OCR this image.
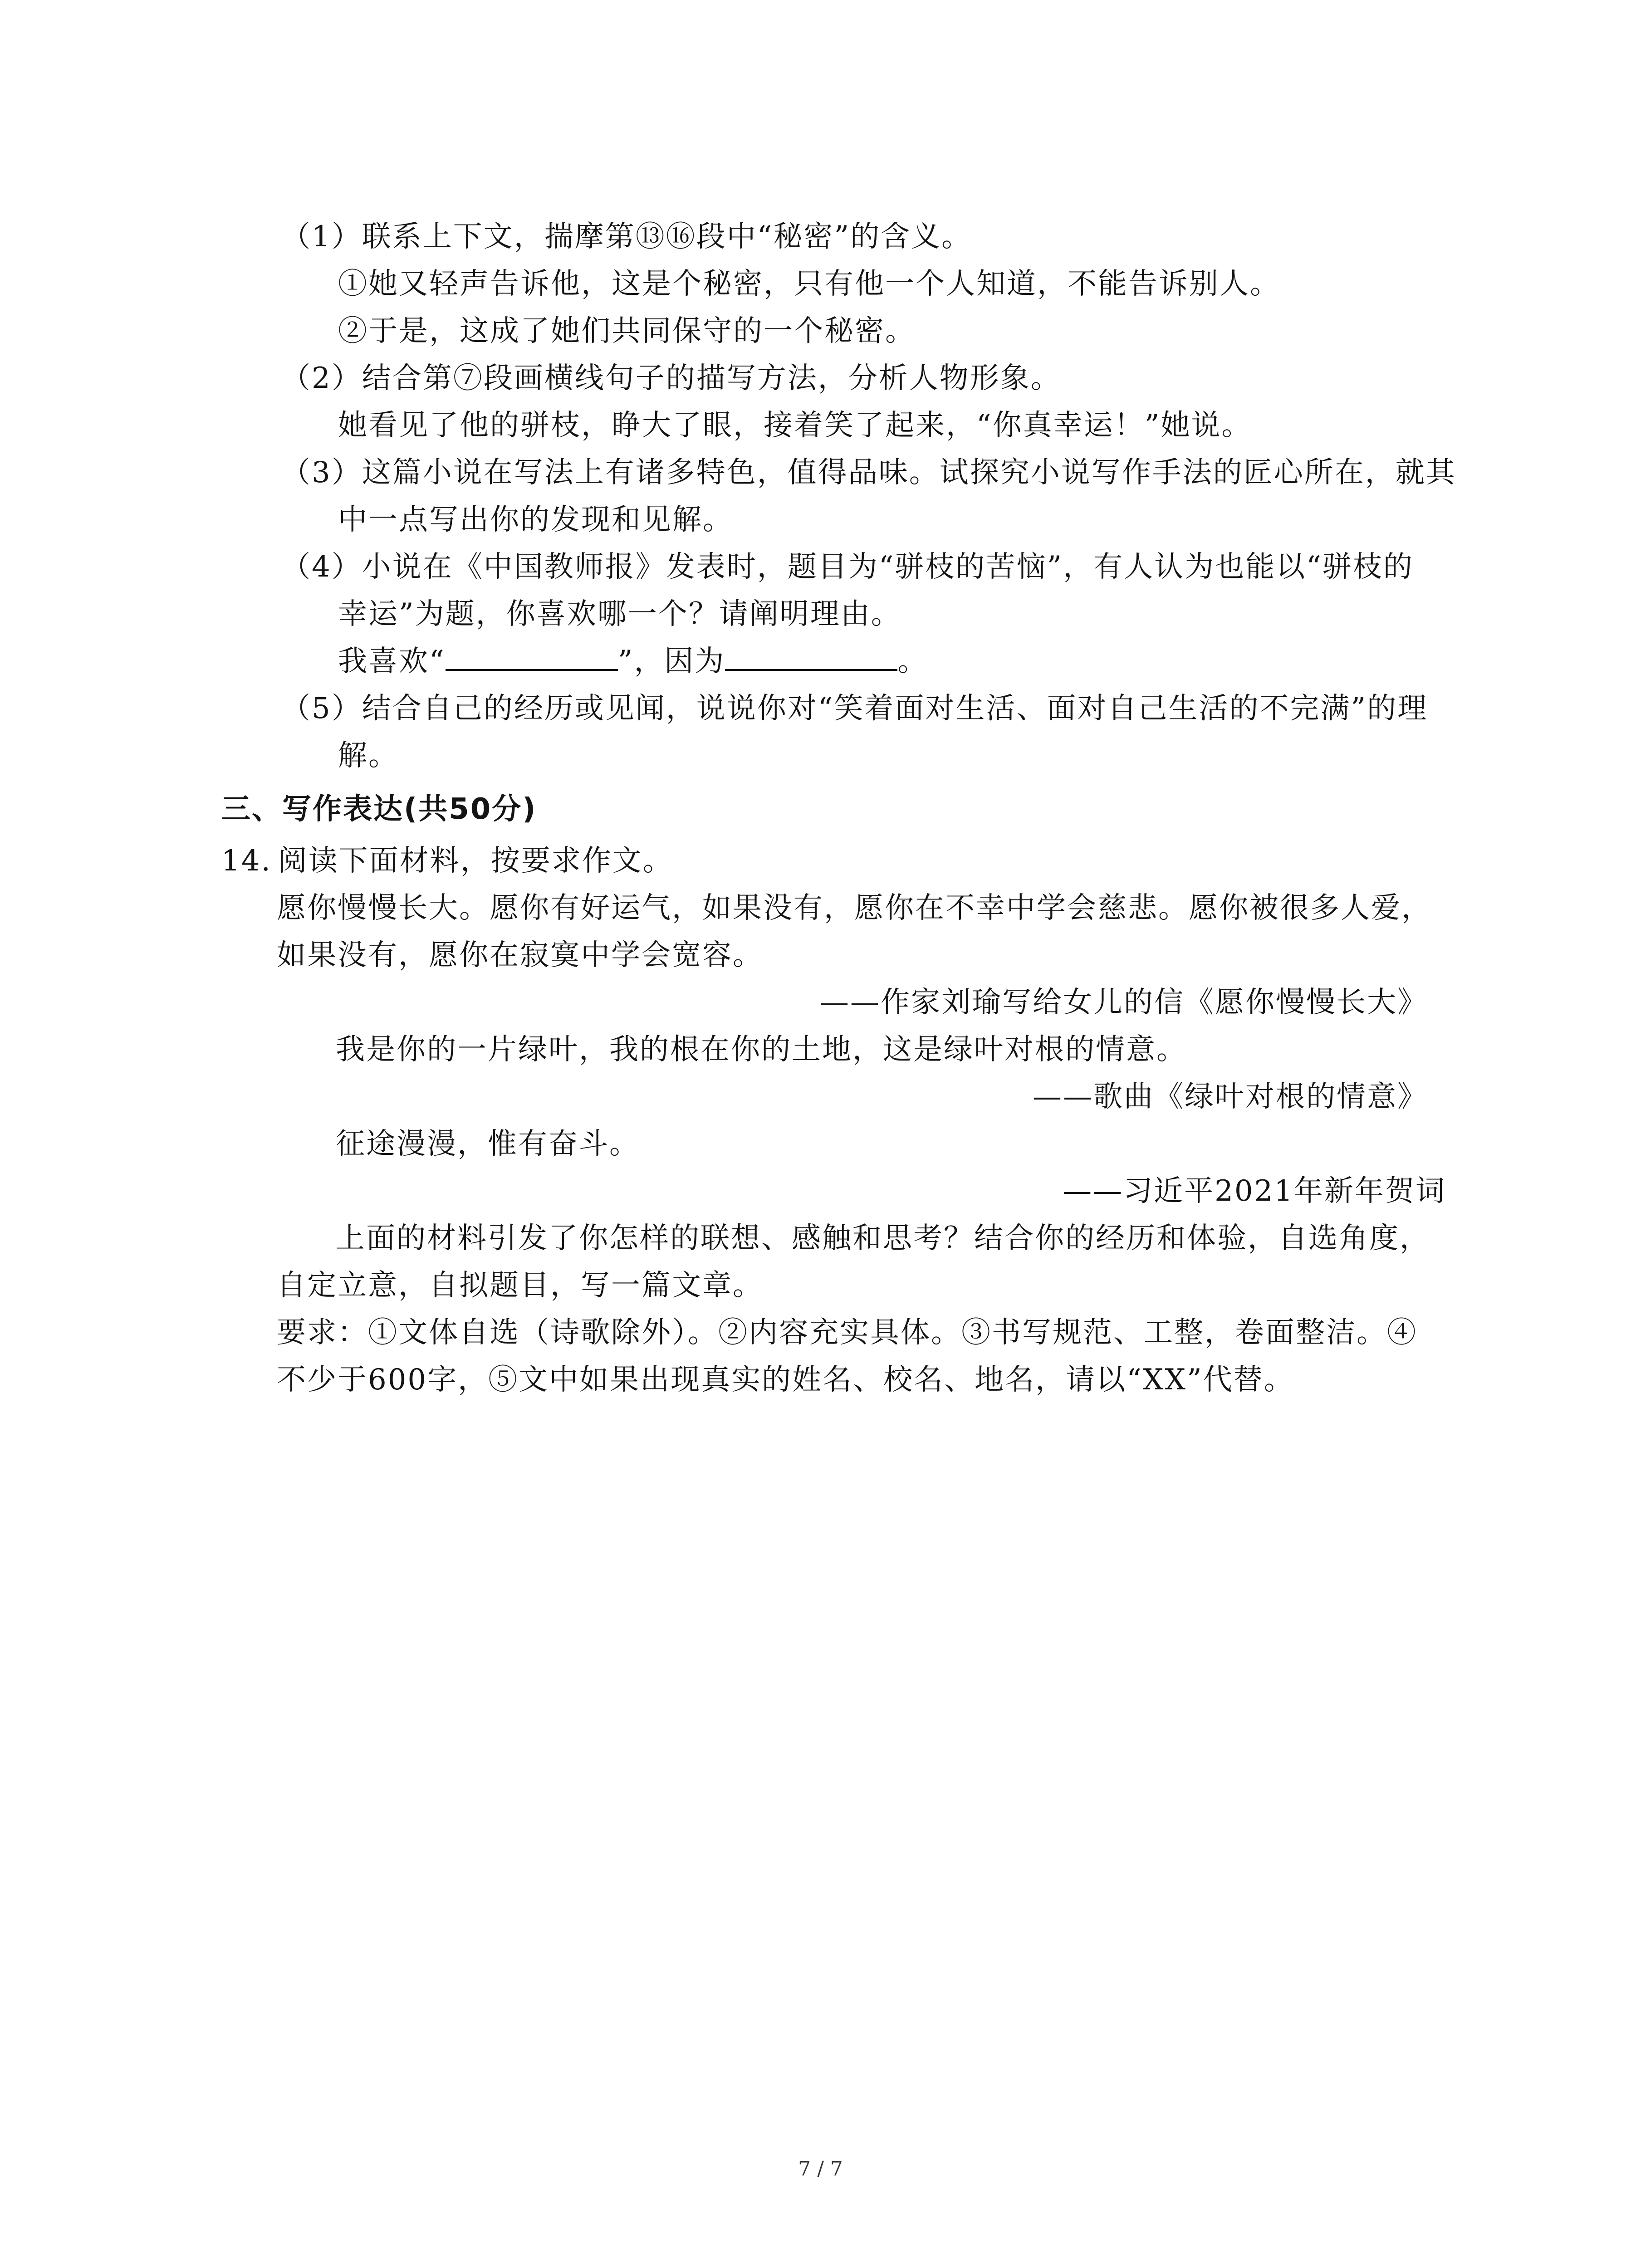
（1）联系上下文，揣摩第⑬⑯段中“秘密”的含义。
①她又轻声告诉他，这是个秘密，只有他一个人知道，不能告诉别人。
②于是，这成了她们共同保守的一个秘密。
（2）结合第⑦段画横线句子的描写方法，分析人物形象。
她看见了他的骈枝，睁大了眼，接着笑了起来，“你真幸运！”她说。
（3）这篇小说在写法上有诸多特色，值得品味。试探究小说写作手法的匠心所在，就其
中一点写出你的发现和见解。
（4）小说在《中国教师报》发表时，题目为“骈枝的苦恼”，有人认为也能以“骈枝的
幸运”为题，你喜欢哪一个？请阐明理由。
我喜欢“	”，因为	。
（5）结合自己的经历或见闻，说说你对“笑着面对生活、面对自己生活的不完满”的理
解。
三、写作表达(共50分)
14. 阅读下面材料，按要求作文。
愿你慢慢长大。愿你有好运气，如果没有，愿你在不幸中学会慈悲。愿你被很多人爱，
如果没有，愿你在寂寞中学会宽容。
——作家刘瑜写给女儿的信《愿你慢慢长大》
我是你的一片绿叶，我的根在你的土地，这是绿叶对根的情意。
——歌曲《绿叶对根的情意》
征途漫漫，惟有奋斗。
——习近平2021年新年贺词
上面的材料引发了你怎样的联想、感触和思考？结合你的经历和体验，自选角度，
自定立意，自拟题目，写一篇文章。
要求：①文体自选（诗歌除外）。②内容充实具体。③书写规范、工整，卷面整洁。④
不少于600字，⑤文中如果出现真实的姓名、校名、地名，请以“XX”代替。
7 / 7
